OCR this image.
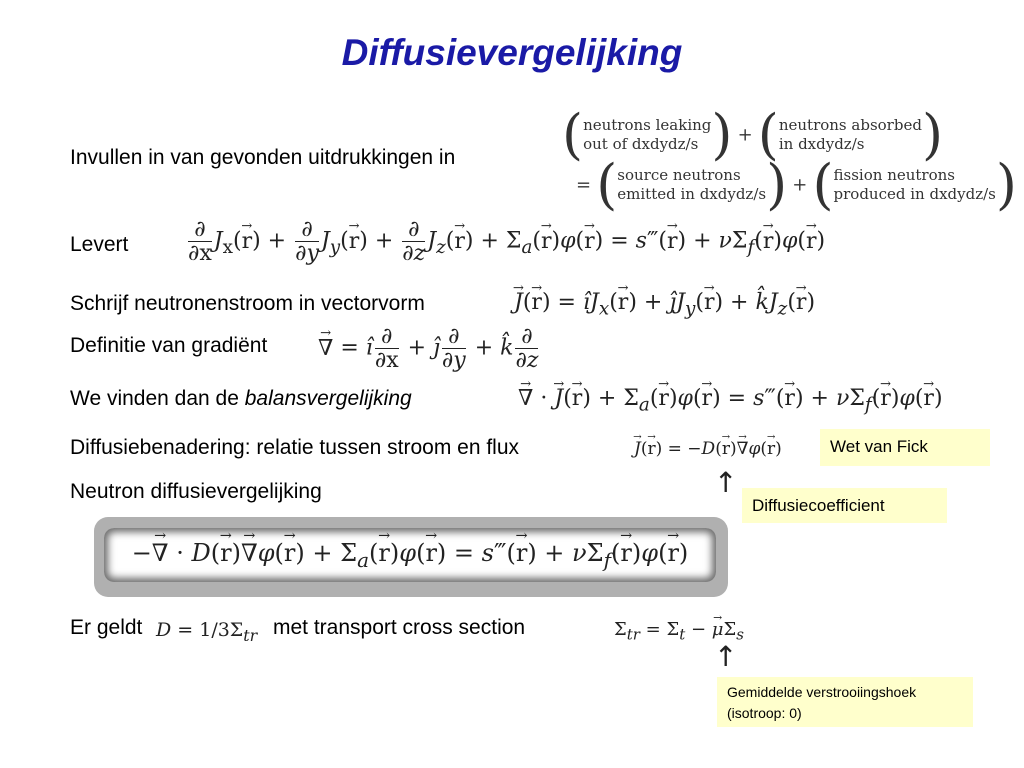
Diffusievergelijking
(neutrons leaking
out of dxdydz/s ) + (neutrons absorbed
in dxdydz/s )
= (source neutrons
emitted in dxdydz/s) + (fission neutrons
produced in dxdydz/s)
Invullen in van gevonden uitdrukkingen in
Levert	$\frac{\partial}{\partial x} J_x(\to r) + \frac{\partial}{\partial y} J_y(\to r) + \frac{\partial}{\partial z} J_z(\to r) + \Sigma_a(\to r)\varphi(\to r)$ = s‴(→ $r) + \nu\Sigma_f(\to r)\varphi(\to r)$
Schrijf neutronenstroom in vectorvorm	→ $J(\to r) = îJ_x(\to r)$ + $ĵJ_y(\to r)$ + $k̂J_z(\to r)$
Definitie van gradiënt → ∇ = î $\frac{\partial}{\partial x}$ + ĵ $\frac{\partial}{\partial y}$ + k̂ $\frac{\partial}{\partial z}$
We vinden dan de balansvergelijking	→ ∇ · → $J(\to r) + \Sigma_a(\to r)\varphi(\to r)$ = s‴(→ $r) + \nu\Sigma_f(\to r)\varphi(\to r)$
Diffusiebenadering: relatie tussen stroom en flux	→ J(→ r) = −D(→ r)→ ∇φ(→ r)	Wet van Fick
Neutron diffusievergelijking	↑
Diffusiecoefficient
−→ ∇ · $D(\to r)\to \nabla\varphi(\to r) + \Sigma_a(\to r)\varphi(\to r)$ = s‴(→ $r) + \nu\Sigma_f(\to r)\varphi(\to r)$
Er geldt $D = 1/3\Sigma_{tr}$ met transport cross section	$\Sigma_{tr} = \Sigma_t$ − → $\mu\Sigma_s$
↑
Gemiddelde verstrooiingshoek
(isotroop: 0)
